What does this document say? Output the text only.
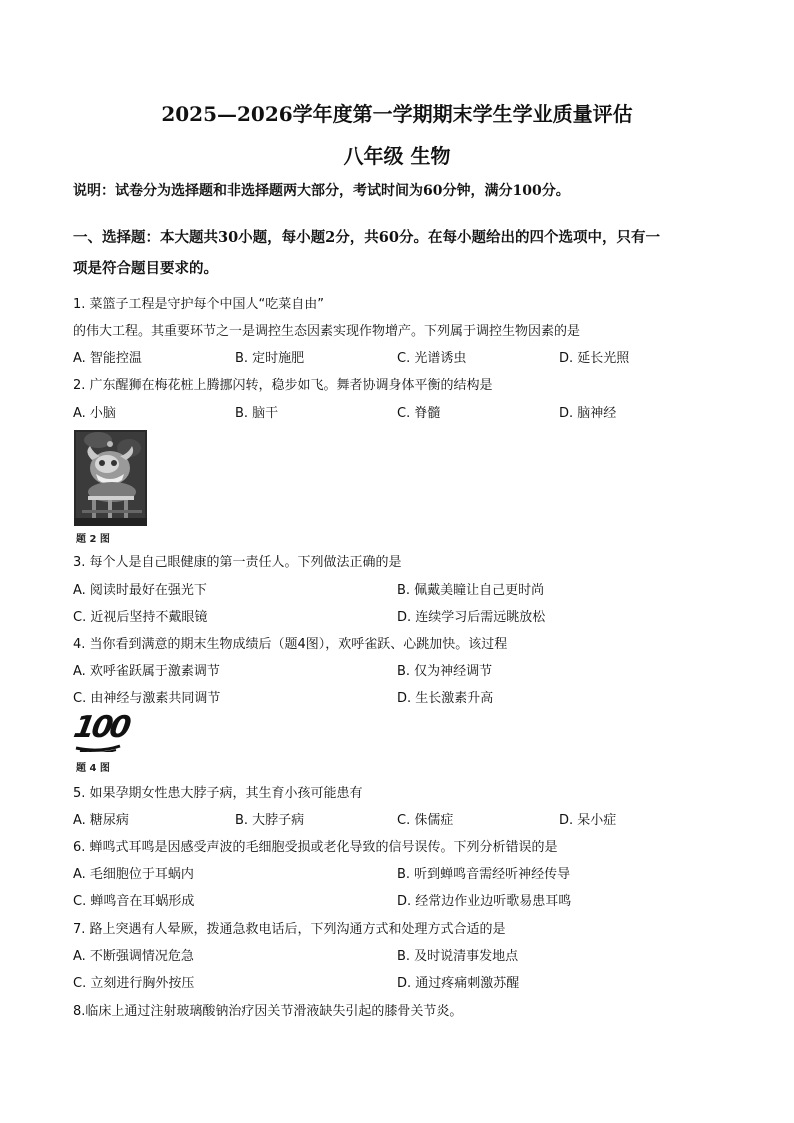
2025—2026学年度第一学期期末学生学业质量评估
八年级 生物
说明：试卷分为选择题和非选择题两大部分，考试时间为60分钟，满分100分。
一、选择题：本大题共30小题，每小题2分，共60分。在每小题给出的四个选项中，只有一
项是符合题目要求的。
1. 菜篮子工程是守护每个中国人“吃菜自由”
的伟大工程。其重要环节之一是调控生态因素实现作物增产。下列属于调控生物因素的是
A. 智能控温	B. 定时施肥	C. 光谱诱虫	D. 延长光照
2. 广东醒狮在梅花桩上腾挪闪转，稳步如飞。舞者协调身体平衡的结构是
A. 小脑	B. 脑干	C. 脊髓	D. 脑神经
题 2 图
3. 每个人是自己眼健康的第一责任人。下列做法正确的是
A. 阅读时最好在强光下	B. 佩戴美瞳让自己更时尚
C. 近视后坚持不戴眼镜	D. 连续学习后需远眺放松
4. 当你看到满意的期末生物成绩后（题4图），欢呼雀跃、心跳加快。该过程
A. 欢呼雀跃属于激素调节	B. 仅为神经调节
C. 由神经与激素共同调节	D. 生长激素升高
100
题 4 图
5. 如果孕期女性患大脖子病，其生育小孩可能患有
A. 糖尿病	B. 大脖子病	C. 侏儒症	D. 呆小症
6. 蝉鸣式耳鸣是因感受声波的毛细胞受损或老化导致的信号误传。下列分析错误的是
A. 毛细胞位于耳蜗内	B. 听到蝉鸣音需经听神经传导
C. 蝉鸣音在耳蜗形成	D. 经常边作业边听歌易患耳鸣
7. 路上突遇有人晕厥，拨通急救电话后，下列沟通方式和处理方式合适的是
A. 不断强调情况危急	B. 及时说清事发地点
C. 立刻进行胸外按压	D. 通过疼痛刺激苏醒
8.临床上通过注射玻璃酸钠治疗因关节滑液缺失引起的膝骨关节炎。
